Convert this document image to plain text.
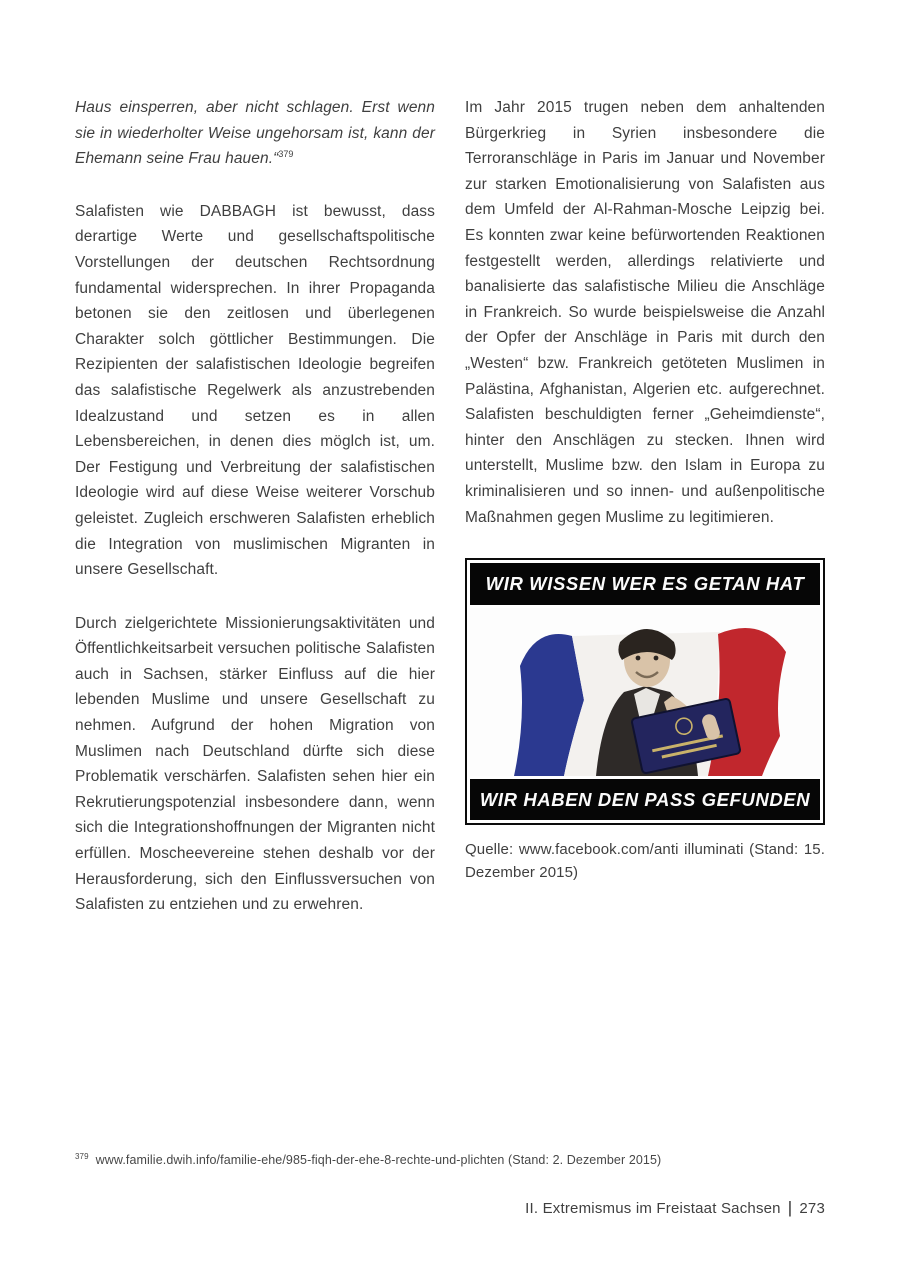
Haus einsperren, aber nicht schlagen. Erst wenn sie in wiederholter Weise ungehorsam ist, kann der Ehemann seine Frau hauen.“$^{379}$

Salafisten wie DABBAGH ist bewusst, dass derartige Werte und gesellschaftspolitische Vorstellungen der deutschen Rechtsordnung fundamental widersprechen. In ihrer Propaganda betonen sie den zeitlosen und überlegenen Charakter solch göttlicher Bestimmungen. Die Rezipienten der salafistischen Ideologie begreifen das salafistische Regelwerk als anzustrebenden Idealzustand und setzen es in allen Lebensbereichen, in denen dies möglch ist, um. Der Festigung und Verbreitung der salafistischen Ideologie wird auf diese Weise weiterer Vorschub geleistet. Zugleich erschweren Salafisten erheblich die Integration von muslimischen Migranten in unsere Gesellschaft.

Durch zielgerichtete Missionierungsaktivitäten und Öffentlichkeitsarbeit versuchen politische Salafisten auch in Sachsen, stärker Einfluss auf die hier lebenden Muslime und unsere Gesellschaft zu nehmen. Aufgrund der hohen Migration von Muslimen nach Deutschland dürfte sich diese Problematik verschärfen. Salafisten sehen hier ein Rekrutierungspotenzial insbesondere dann, wenn sich die Integrationshoffnungen der Migranten nicht erfüllen. Moscheevereine stehen deshalb vor der Herausforderung, sich den Einflussversuchen von Salafisten zu entziehen und zu erwehren.

Im Jahr 2015 trugen neben dem anhaltenden Bürgerkrieg in Syrien insbesondere die Terroranschläge in Paris im Januar und November zur starken Emotionalisierung von Salafisten aus dem Umfeld der Al-Rahman-Mosche Leipzig bei. Es konnten zwar keine befürwortenden Reaktionen festgestellt werden, allerdings relativierte und banalisierte das salafistische Milieu die Anschläge in Frankreich. So wurde beispielsweise die Anzahl der Opfer der Anschläge in Paris mit durch den „Westen“ bzw. Frankreich getöteten Muslimen in Palästina, Afghanistan, Algerien etc. aufgerechnet. Salafisten beschuldigten ferner „Geheimdienste“, hinter den Anschlägen zu stecken. Ihnen wird unterstellt, Muslime bzw. den Islam in Europa zu kriminalisieren und so innen- und außenpolitische Maßnahmen gegen Muslime zu legitimieren.

WIR WISSEN WER ES GETAN HAT
WIR HABEN DEN PASS GEFUNDEN

Quelle: www.facebook.com/anti illuminati (Stand: 15. Dezember 2015)

$^{379}$ www.familie.dwih.info/familie-ehe/985-fiqh-der-ehe-8-rechte-und-plichten (Stand: 2. Dezember 2015)
II. Extremismus im Freistaat Sachsen | 273
